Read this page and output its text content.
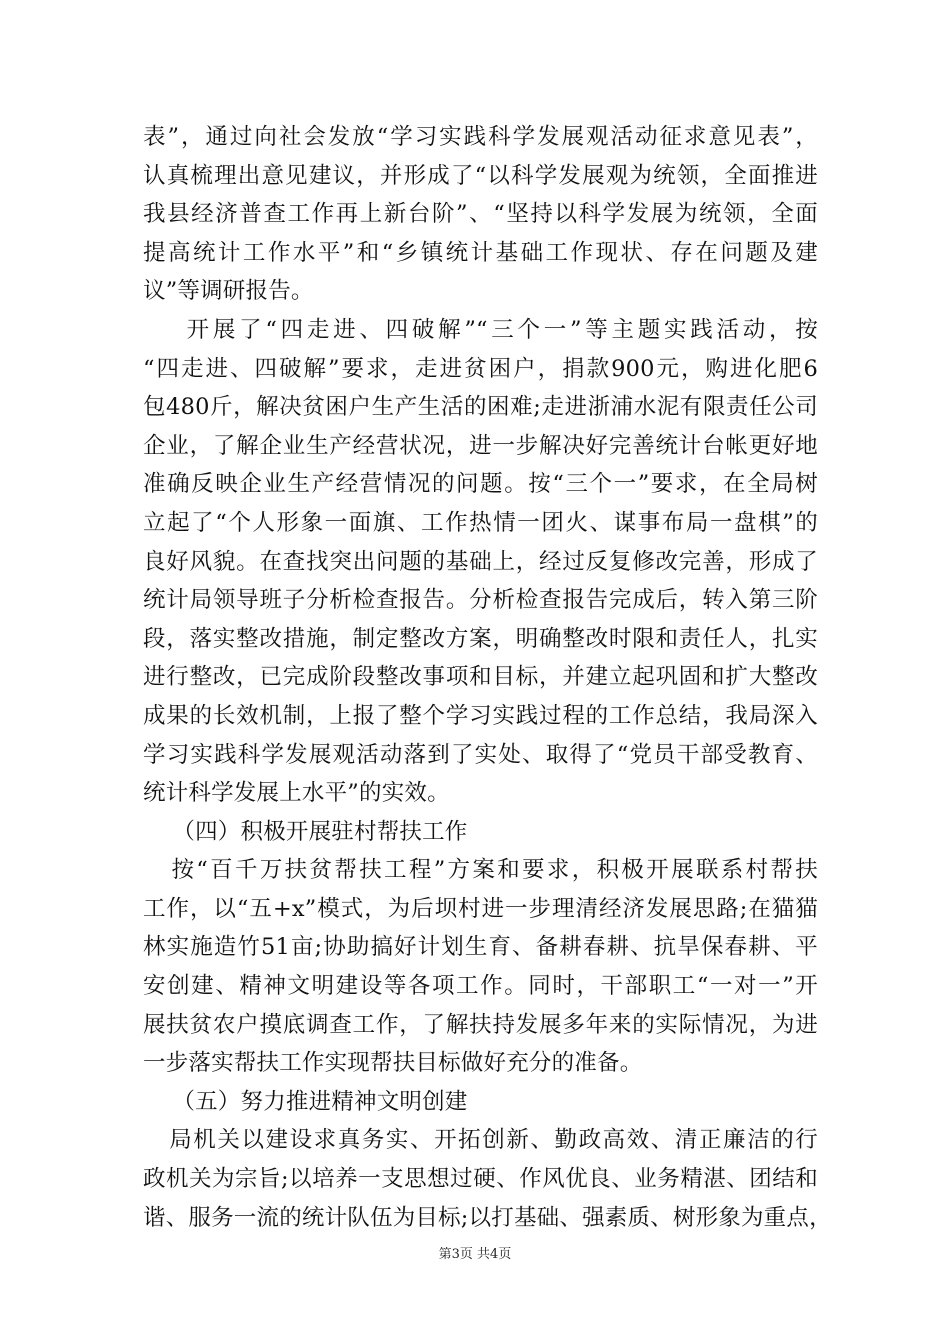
表”，通过向社会发放“学习实践科学发展观活动征求意见表”，
认真梳理出意见建议，并形成了“以科学发展观为统领，全面推进
我县经济普查工作再上新台阶”、“坚持以科学发展为统领，全面
提高统计工作水平”和“乡镇统计基础工作现状、存在问题及建
议”等调研报告。
开展了“四走进、四破解”“三个一”等主题实践活动，按
“四走进、四破解”要求，走进贫困户，捐款900元，购进化肥6
包480斤，解决贫困户生产生活的困难;走进浙浦水泥有限责任公司
企业，了解企业生产经营状况，进一步解决好完善统计台帐更好地
准确反映企业生产经营情况的问题。按“三个一”要求，在全局树
立起了“个人形象一面旗、工作热情一团火、谋事布局一盘棋”的
良好风貌。在查找突出问题的基础上，经过反复修改完善，形成了
统计局领导班子分析检查报告。分析检查报告完成后，转入第三阶
段，落实整改措施，制定整改方案，明确整改时限和责任人，扎实
进行整改，已完成阶段整改事项和目标，并建立起巩固和扩大整改
成果的长效机制，上报了整个学习实践过程的工作总结，我局深入
学习实践科学发展观活动落到了实处、取得了“党员干部受教育、
统计科学发展上水平”的实效。
（四）积极开展驻村帮扶工作
按“百千万扶贫帮扶工程”方案和要求，积极开展联系村帮扶
工作，以“五+x”模式，为后坝村进一步理清经济发展思路;在猫猫
林实施造竹51亩;协助搞好计划生育、备耕春耕、抗旱保春耕、平
安创建、精神文明建设等各项工作。同时，干部职工“一对一”开
展扶贫农户摸底调查工作，了解扶持发展多年来的实际情况，为进
一步落实帮扶工作实现帮扶目标做好充分的准备。
（五）努力推进精神文明创建
局机关以建设求真务实、开拓创新、勤政高效、清正廉洁的行
政机关为宗旨;以培养一支思想过硬、作风优良、业务精湛、团结和
谐、服务一流的统计队伍为目标;以打基础、强素质、树形象为重点，
第3页 共4页
